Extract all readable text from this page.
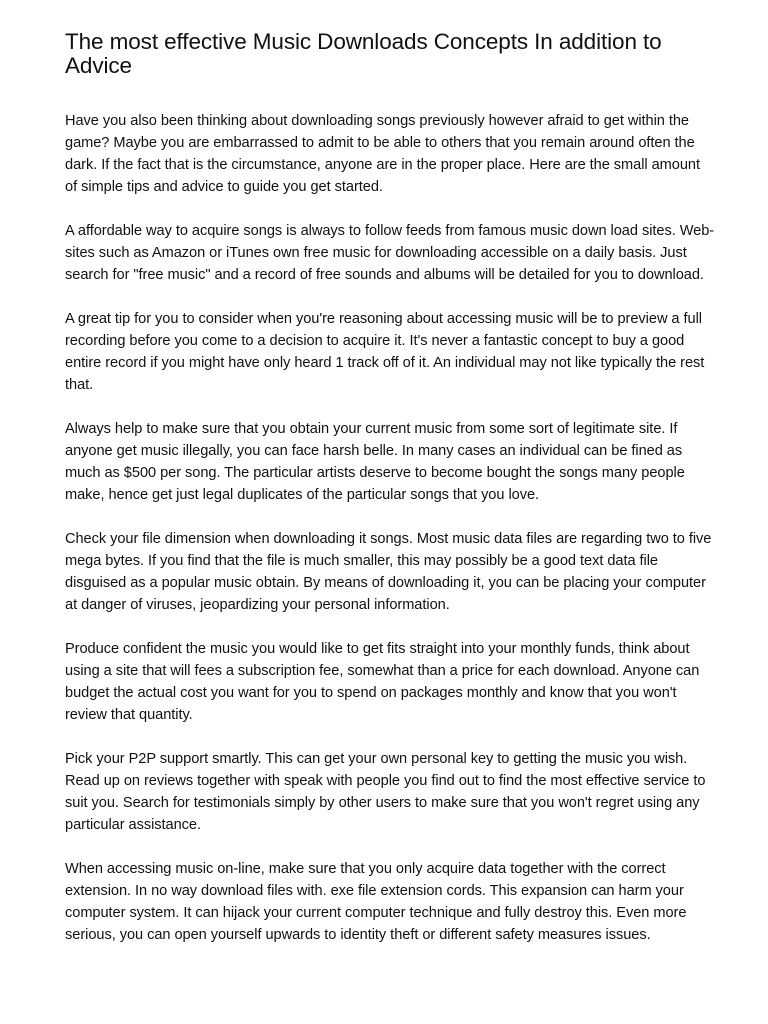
The most effective Music Downloads Concepts In addition to Advice

Have you also been thinking about downloading songs previously however afraid to get within the game? Maybe you are embarrassed to admit to be able to others that you remain around often the dark. If the fact that is the circumstance, anyone are in the proper place. Here are the small amount of simple tips and advice to guide you get started.

A affordable way to acquire songs is always to follow feeds from famous music down load sites. Web-sites such as Amazon or iTunes own free music for downloading accessible on a daily basis. Just search for "free music" and a record of free sounds and albums will be detailed for you to download.

A great tip for you to consider when you're reasoning about accessing music will be to preview a full recording before you come to a decision to acquire it. It's never a fantastic concept to buy a good entire record if you might have only heard 1 track off of it. An individual may not like typically the rest that.

Always help to make sure that you obtain your current music from some sort of legitimate site. If anyone get music illegally, you can face harsh belle. In many cases an individual can be fined as much as $500 per song. The particular artists deserve to become bought the songs many people make, hence get just legal duplicates of the particular songs that you love.

Check your file dimension when downloading it songs. Most music data files are regarding two to five mega bytes. If you find that the file is much smaller, this may possibly be a good text data file disguised as a popular music obtain. By means of downloading it, you can be placing your computer at danger of viruses, jeopardizing your personal information.

Produce confident the music you would like to get fits straight into your monthly funds, think about using a site that will fees a subscription fee, somewhat than a price for each download. Anyone can budget the actual cost you want for you to spend on packages monthly and know that you won't review that quantity.

Pick your P2P support smartly. This can get your own personal key to getting the music you wish. Read up on reviews together with speak with people you find out to find the most effective service to suit you. Search for testimonials simply by other users to make sure that you won't regret using any particular assistance.

When accessing music on-line, make sure that you only acquire data together with the correct extension. In no way download files with. exe file extension cords. This expansion can harm your computer system. It can hijack your current computer technique and fully destroy this. Even more serious, you can open yourself upwards to identity theft or different safety measures issues.
